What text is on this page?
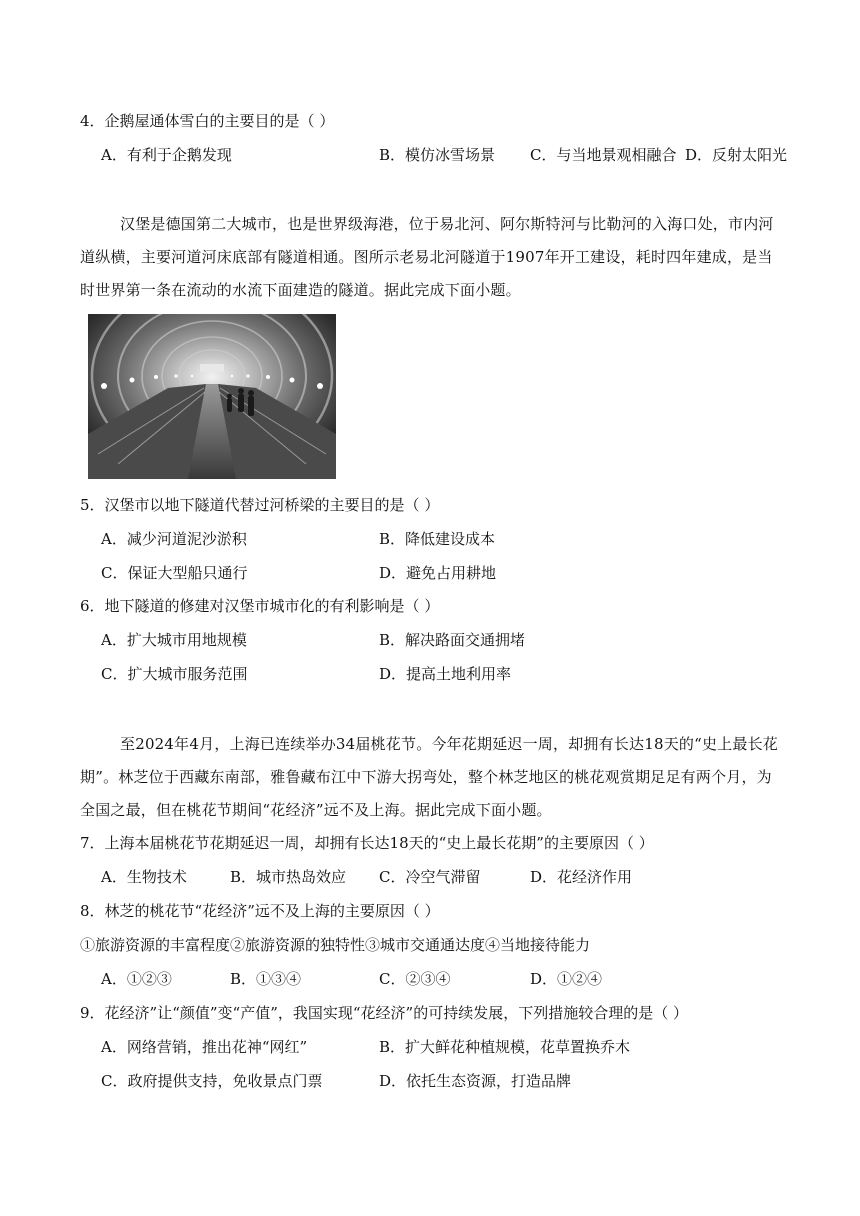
4．企鹅屋通体雪白的主要目的是（ ）
A．有利于企鹅发现	B．模仿冰雪场景 C．与当地景观相融合 D．反射太阳光
汉堡是德国第二大城市，也是世界级海港，位于易北河、阿尔斯特河与比勒河的入海口处，市内河道纵横，主要河道河床底部有隧道相通。图所示老易北河隧道于1907年开工建设，耗时四年建成，是当时世界第一条在流动的水流下面建造的隧道。据此完成下面小题。
5．汉堡市以地下隧道代替过河桥梁的主要目的是（ ）
A．减少河道泥沙淤积	B．降低建设成本
C．保证大型船只通行	D．避免占用耕地
6．地下隧道的修建对汉堡市城市化的有利影响是（ ）
A．扩大城市用地规模	B．解决路面交通拥堵
C．扩大城市服务范围	D．提高土地利用率
至2024年4月，上海已连续举办34届桃花节。今年花期延迟一周，却拥有长达18天的“史上最长花期”。林芝位于西藏东南部，雅鲁藏布江中下游大拐弯处，整个林芝地区的桃花观赏期足足有两个月，为全国之最，但在桃花节期间“花经济”远不及上海。据此完成下面小题。
7．上海本届桃花节花期延迟一周，却拥有长达18天的“史上最长花期”的主要原因（ ）
A．生物技术	B．城市热岛效应 C．冷空气滞留	D．花经济作用
8．林芝的桃花节“花经济”远不及上海的主要原因（ ）
①旅游资源的丰富程度②旅游资源的独特性③城市交通通达度④当地接待能力
A．①②③	B．①③④	C．②③④	D．①②④
9．花经济”让“颜值”变“产值”，我国实现“花经济”的可持续发展，下列措施较合理的是（ ）
A．网络营销，推出花神“网红”	B．扩大鲜花种植规模，花草置换乔木
C．政府提供支持，免收景点门票	D．依托生态资源，打造品牌
